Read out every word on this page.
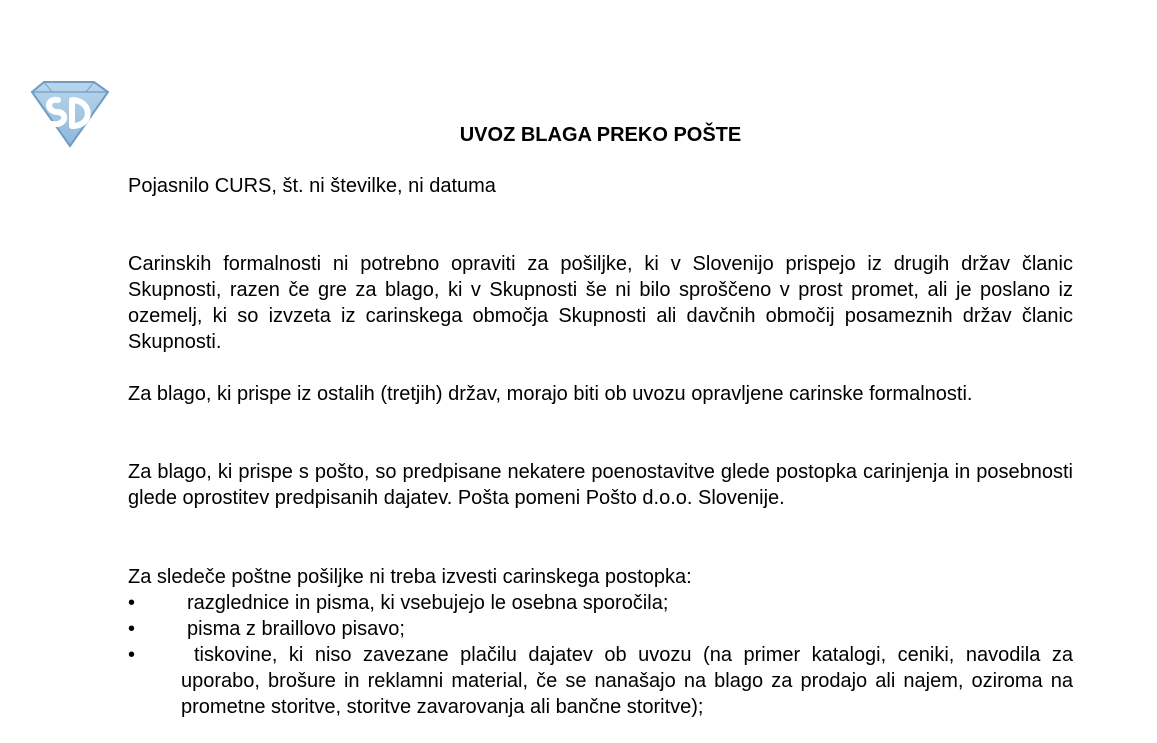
UVOZ BLAGA PREKO POŠTE

Pojasnilo CURS, št. ni številke, ni datuma

Carinskih formalnosti ni potrebno opraviti za pošiljke, ki v Slovenijo prispejo iz drugih držav članic Skupnosti, razen če gre za blago, ki v Skupnosti še ni bilo sproščeno v prost promet, ali je poslano iz ozemelj, ki so izvzeta iz carinskega območja Skupnosti ali davčnih območij posameznih držav članic Skupnosti.

Za blago, ki prispe iz ostalih (tretjih) držav, morajo biti ob uvozu opravljene carinske formalnosti.

Za blago, ki prispe s pošto, so predpisane nekatere poenostavitve glede postopka carinjenja in posebnosti glede oprostitev predpisanih dajatev. Pošta pomeni Pošto d.o.o. Slovenije.

Za sledeče poštne pošiljke ni treba izvesti carinskega postopka:

•	razglednice in pisma, ki vsebujejo le osebna sporočila;
•	pisma z braillovo pisavo;
•	tiskovine, ki niso zavezane plačilu dajatev ob uvozu (na primer katalogi, ceniki, navodila za uporabo, brošure in reklamni material, če se nanašajo na blago za prodajo ali najem, oziroma na prometne storitve, storitve zavarovanja ali bančne storitve);
